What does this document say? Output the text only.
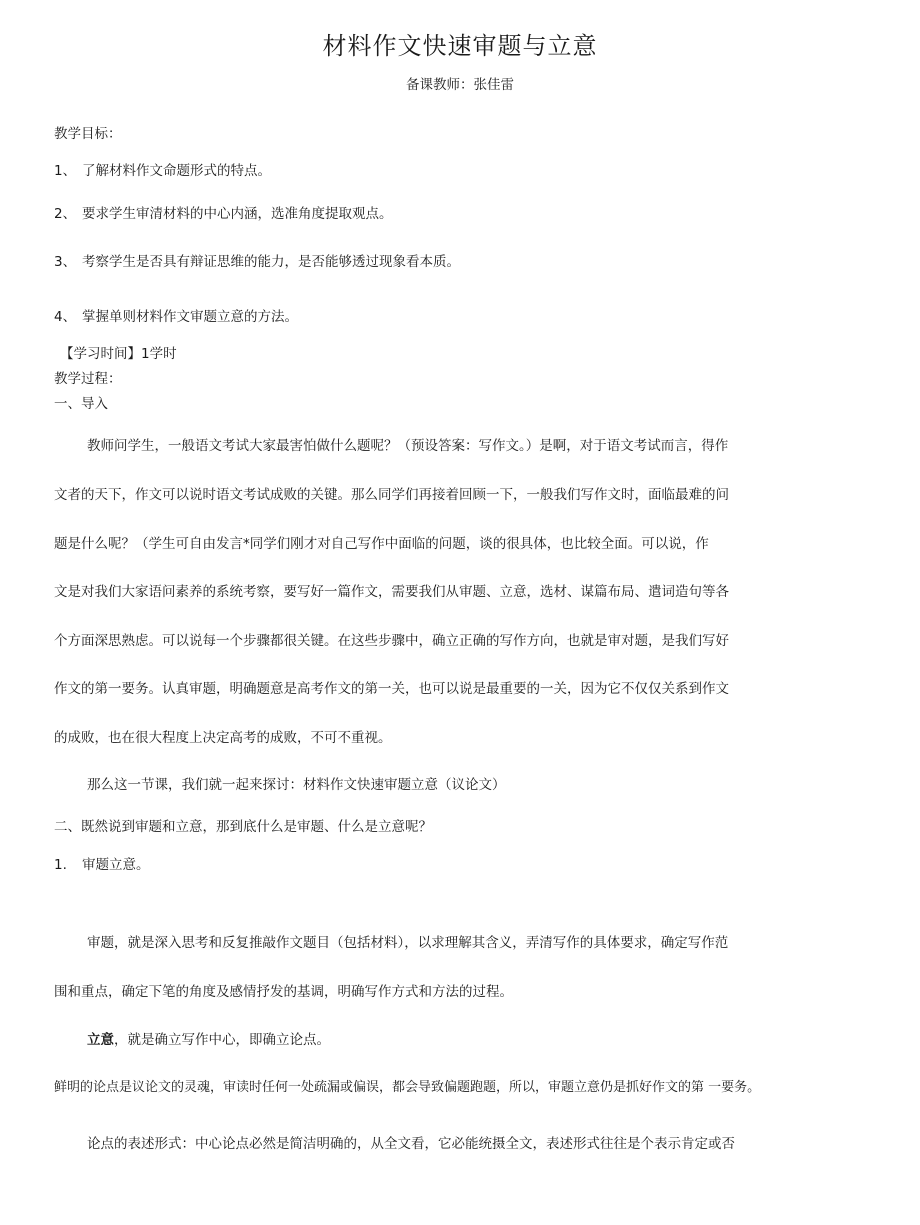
材料作文快速审题与立意
备课教师：张佳雷
教学目标：
1、 了解材料作文命题形式的特点。
2、 要求学生审清材料的中心内涵，选准角度提取观点。
3、 考察学生是否具有辩证思维的能力，是否能够透过现象看本质。
4、 掌握单则材料作文审题立意的方法。
【学习时间】1学时
教学过程：
一、导入
教师问学生，一般语文考试大家最害怕做什么题呢？（预设答案：写作文。）是啊，对于语文考试而言，得作
文者的天下，作文可以说时语文考试成败的关键。那么同学们再接着回顾一下，一般我们写作文时，面临最难的问
题是什么呢？（学生可自由发言*同学们刚才对自己写作中面临的问题，谈的很具体，也比较全面。可以说，作
文是对我们大家语问素养的系统考察，要写好一篇作文，需要我们从审题、立意，选材、谋篇布局、遣词造句等各
个方面深思熟虑。可以说每一个步骤都很关键。在这些步骤中，确立正确的写作方向，也就是审对题，是我们写好
作文的第一要务。认真审题，明确题意是高考作文的第一关，也可以说是最重要的一关，因为它不仅仅关系到作文
的成败，也在很大程度上决定高考的成败，不可不重视。
那么这一节课，我们就一起来探讨：材料作文快速审题立意（议论文）
二、既然说到审题和立意，那到底什么是审题、什么是立意呢？
1. 审题立意。
审题，就是深入思考和反复推敲作文题目（包括材料），以求理解其含义，弄清写作的具体要求，确定写作范
围和重点，确定下笔的角度及感情抒发的基调，明确写作方式和方法的过程。
立意，就是确立写作中心，即确立论点。
鲜明的论点是议论文的灵魂，审读时任何一处疏漏或偏误，都会导致偏题跑题，所以，审题立意仍是抓好作文的第 一要务。
论点的表述形式：中心论点必然是简洁明确的，从全文看，它必能统摄全文，表述形式往往是个表示肯定或否
